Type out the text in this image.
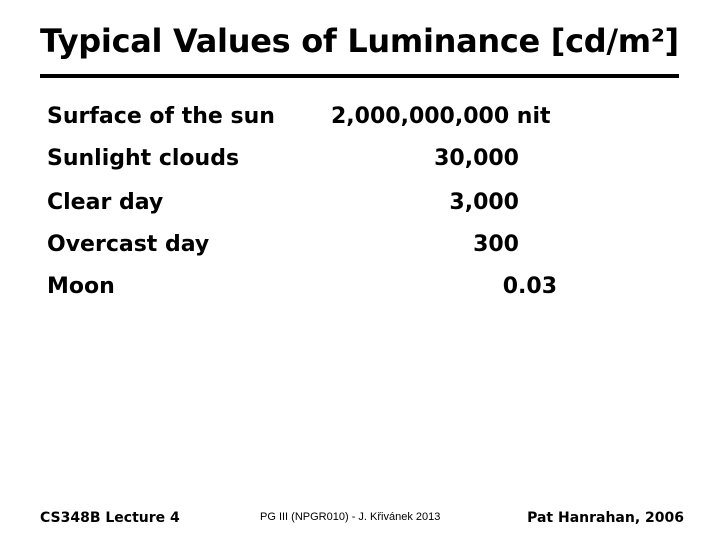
Typical Values of Luminance [cd/m²]
Surface of the sun	2,000,000,000 nit
Sunlight clouds	30,000
Clear day	3,000
Overcast day	300
Moon	0.03
CS348B Lecture 4	PG III (NPGR010) - J. Křivánek 2013	Pat Hanrahan, 2006
